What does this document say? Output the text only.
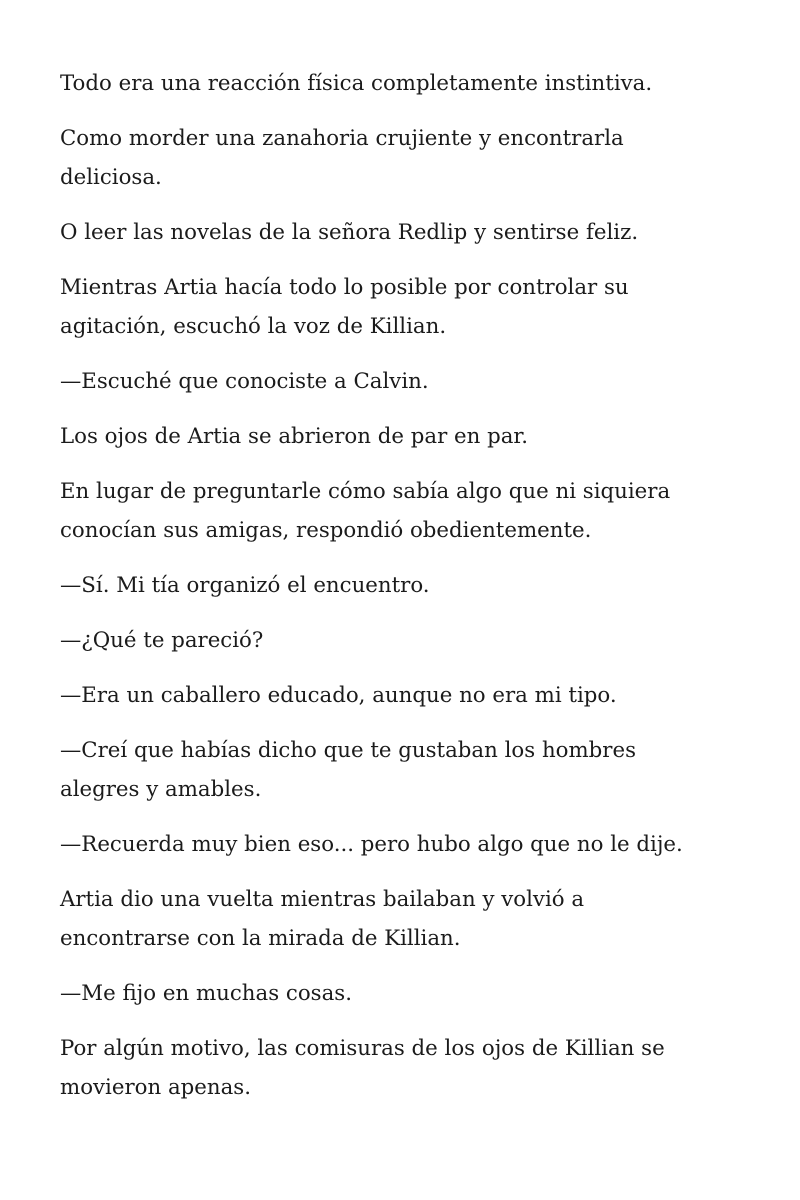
Todo era una reacción física completamente instintiva.

Como morder una zanahoria crujiente y encontrarla deliciosa.

O leer las novelas de la señora Redlip y sentirse feliz.

Mientras Artia hacía todo lo posible por controlar su agitación, escuchó la voz de Killian.

—Escuché que conociste a Calvin.

Los ojos de Artia se abrieron de par en par.

En lugar de preguntarle cómo sabía algo que ni siquiera conocían sus amigas, respondió obedientemente.

—Sí. Mi tía organizó el encuentro.

—¿Qué te pareció?

—Era un caballero educado, aunque no era mi tipo.

—Creí que habías dicho que te gustaban los hombres alegres y amables.

—Recuerda muy bien eso... pero hubo algo que no le dije.

Artia dio una vuelta mientras bailaban y volvió a encontrarse con la mirada de Killian.

—Me fijo en muchas cosas.

Por algún motivo, las comisuras de los ojos de Killian se movieron apenas.
